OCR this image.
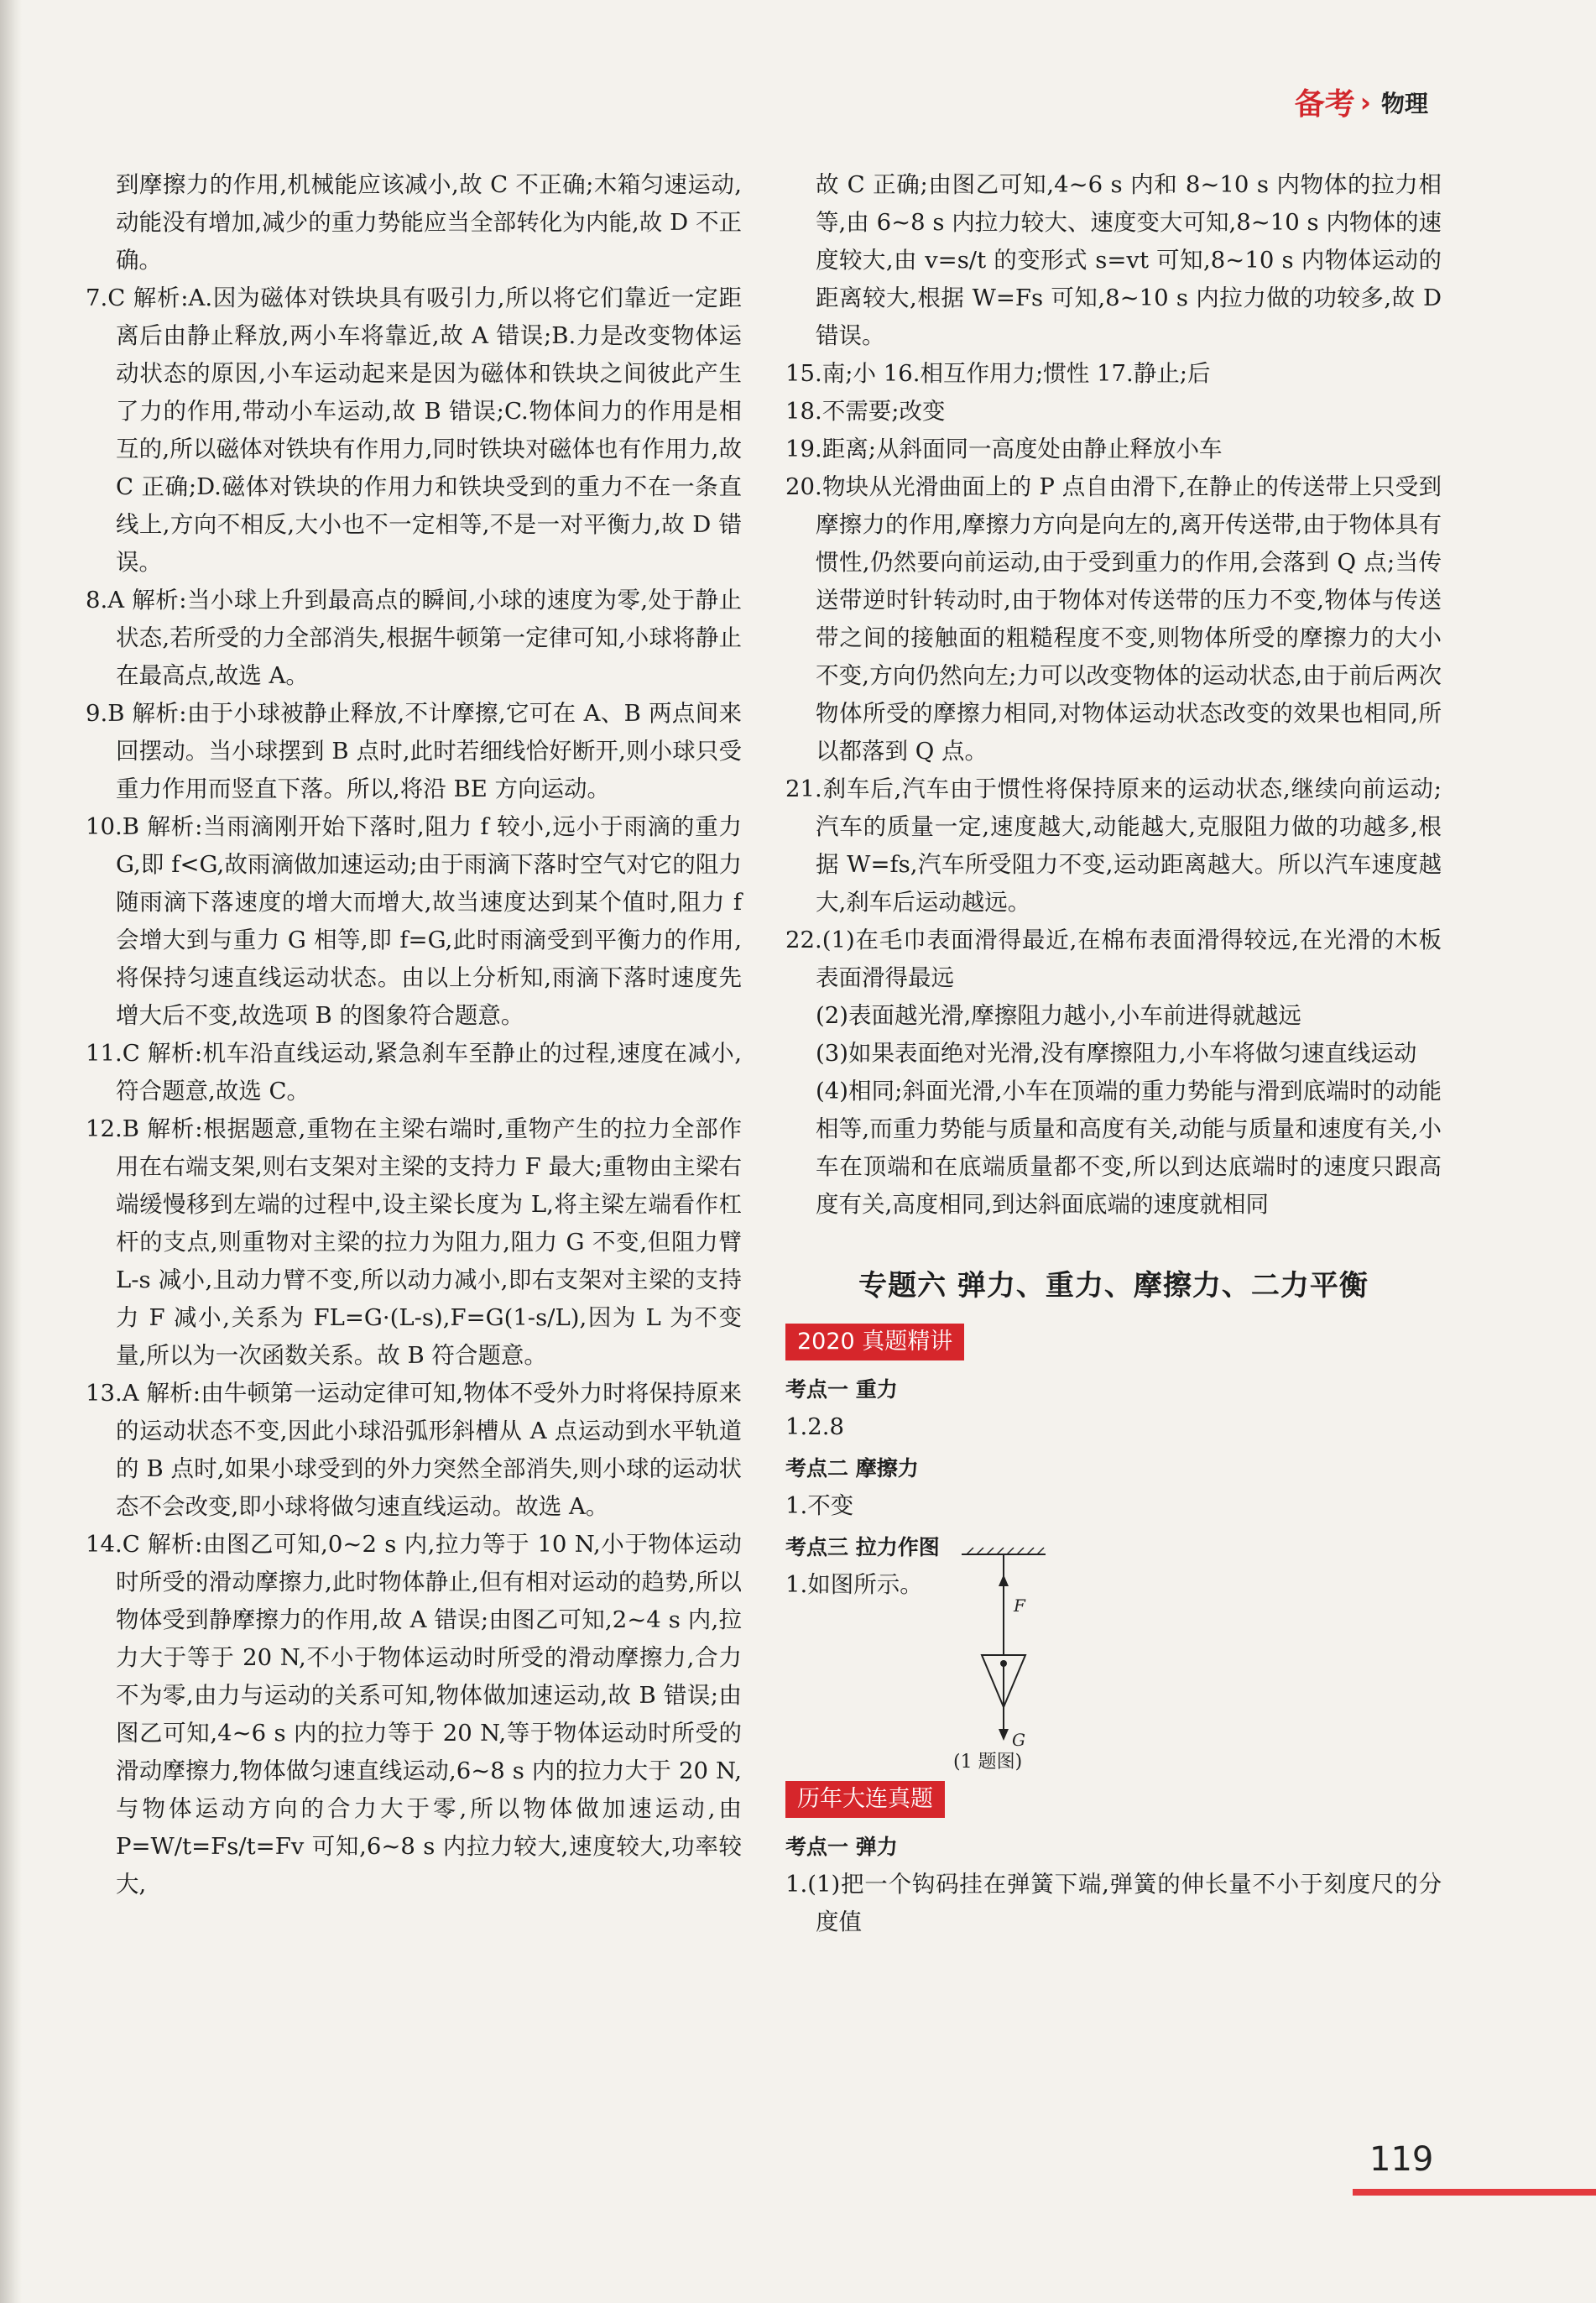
备考 › 物理

到摩擦力的作用,机械能应该减小,故 C 不正确;木箱匀速运动,动能没有增加,减少的重力势能应当全部转化为内能,故 D 不正确。

7.C 解析:A.因为磁体对铁块具有吸引力,所以将它们靠近一定距离后由静止释放,两小车将靠近,故 A 错误;B.力是改变物体运动状态的原因,小车运动起来是因为磁体和铁块之间彼此产生了力的作用,带动小车运动,故 B 错误;C.物体间力的作用是相互的,所以磁体对铁块有作用力,同时铁块对磁体也有作用力,故 C 正确;D.磁体对铁块的作用力和铁块受到的重力不在一条直线上,方向不相反,大小也不一定相等,不是一对平衡力,故 D 错误。

8.A 解析:当小球上升到最高点的瞬间,小球的速度为零,处于静止状态,若所受的力全部消失,根据牛顿第一定律可知,小球将静止在最高点,故选 A。

9.B 解析:由于小球被静止释放,不计摩擦,它可在 A、B 两点间来回摆动。当小球摆到 B 点时,此时若细线恰好断开,则小球只受重力作用而竖直下落。所以,将沿 BE 方向运动。

10.B 解析:当雨滴刚开始下落时,阻力 f 较小,远小于雨滴的重力 G,即 f<G,故雨滴做加速运动;由于雨滴下落时空气对它的阻力随雨滴下落速度的增大而增大,故当速度达到某个值时,阻力 f 会增大到与重力 G 相等,即 f=G,此时雨滴受到平衡力的作用,将保持匀速直线运动状态。由以上分析知,雨滴下落时速度先增大后不变,故选项 B 的图象符合题意。

11.C 解析:机车沿直线运动,紧急刹车至静止的过程,速度在减小,符合题意,故选 C。

12.B 解析:根据题意,重物在主梁右端时,重物产生的拉力全部作用在右端支架,则右支架对主梁的支持力 F 最大;重物由主梁右端缓慢移到左端的过程中,设主梁长度为 L,将主梁左端看作杠杆的支点,则重物对主梁的拉力为阻力,阻力 G 不变,但阻力臂 L-s 减小,且动力臂不变,所以动力减小,即右支架对主梁的支持力 F 减小,关系为 FL=G·(L-s),F=G(1-s/L),因为 L 为不变量,所以为一次函数关系。故 B 符合题意。

13.A 解析:由牛顿第一运动定律可知,物体不受外力时将保持原来的运动状态不变,因此小球沿弧形斜槽从 A 点运动到水平轨道的 B 点时,如果小球受到的外力突然全部消失,则小球的运动状态不会改变,即小球将做匀速直线运动。故选 A。

14.C 解析:由图乙可知,0~2 s 内,拉力等于 10 N,小于物体运动时所受的滑动摩擦力,此时物体静止,但有相对运动的趋势,所以物体受到静摩擦力的作用,故 A 错误;由图乙可知,2~4 s 内,拉力大于等于 20 N,不小于物体运动时所受的滑动摩擦力,合力不为零,由力与运动的关系可知,物体做加速运动,故 B 错误;由图乙可知,4~6 s 内的拉力等于 20 N,等于物体运动时所受的滑动摩擦力,物体做匀速直线运动,6~8 s 内的拉力大于 20 N,与物体运动方向的合力大于零,所以物体做加速运动,由 P=W/t=Fs/t=Fv 可知,6~8 s 内拉力较大,速度较大,功率较大,

故 C 正确;由图乙可知,4~6 s 内和 8~10 s 内物体的拉力相等,由 6~8 s 内拉力较大、速度变大可知,8~10 s 内物体的速度较大,由 v=s/t 的变形式 s=vt 可知,8~10 s 内物体运动的距离较大,根据 W=Fs 可知,8~10 s 内拉力做的功较多,故 D 错误。

15.南;小 16.相互作用力;惯性 17.静止;后

18.不需要;改变

19.距离;从斜面同一高度处由静止释放小车

20.物块从光滑曲面上的 P 点自由滑下,在静止的传送带上只受到摩擦力的作用,摩擦力方向是向左的,离开传送带,由于物体具有惯性,仍然要向前运动,由于受到重力的作用,会落到 Q 点;当传送带逆时针转动时,由于物体对传送带的压力不变,物体与传送带之间的接触面的粗糙程度不变,则物体所受的摩擦力的大小不变,方向仍然向左;力可以改变物体的运动状态,由于前后两次物体所受的摩擦力相同,对物体运动状态改变的效果也相同,所以都落到 Q 点。

21.刹车后,汽车由于惯性将保持原来的运动状态,继续向前运动;汽车的质量一定,速度越大,动能越大,克服阻力做的功越多,根据 W=fs,汽车所受阻力不变,运动距离越大。所以汽车速度越大,刹车后运动越远。

22.(1)在毛巾表面滑得最近,在棉布表面滑得较远,在光滑的木板表面滑得最远

(2)表面越光滑,摩擦阻力越小,小车前进得就越远

(3)如果表面绝对光滑,没有摩擦阻力,小车将做匀速直线运动

(4)相同;斜面光滑,小车在顶端的重力势能与滑到底端时的动能相等,而重力势能与质量和高度有关,动能与质量和速度有关,小车在顶端和在底端质量都不变,所以到达底端时的速度只跟高度有关,高度相同,到达斜面底端的速度就相同

专题六 弹力、重力、摩擦力、二力平衡
2020 真题精讲
考点一 重力
1.2.8
考点二 摩擦力
1.不变
考点三 拉力作图
1.如图所示。
F
G
(1 题图)
历年大连真题
考点一 弹力
1.(1)把一个钩码挂在弹簧下端,弹簧的伸长量不小于刻度尺的分度值
119
